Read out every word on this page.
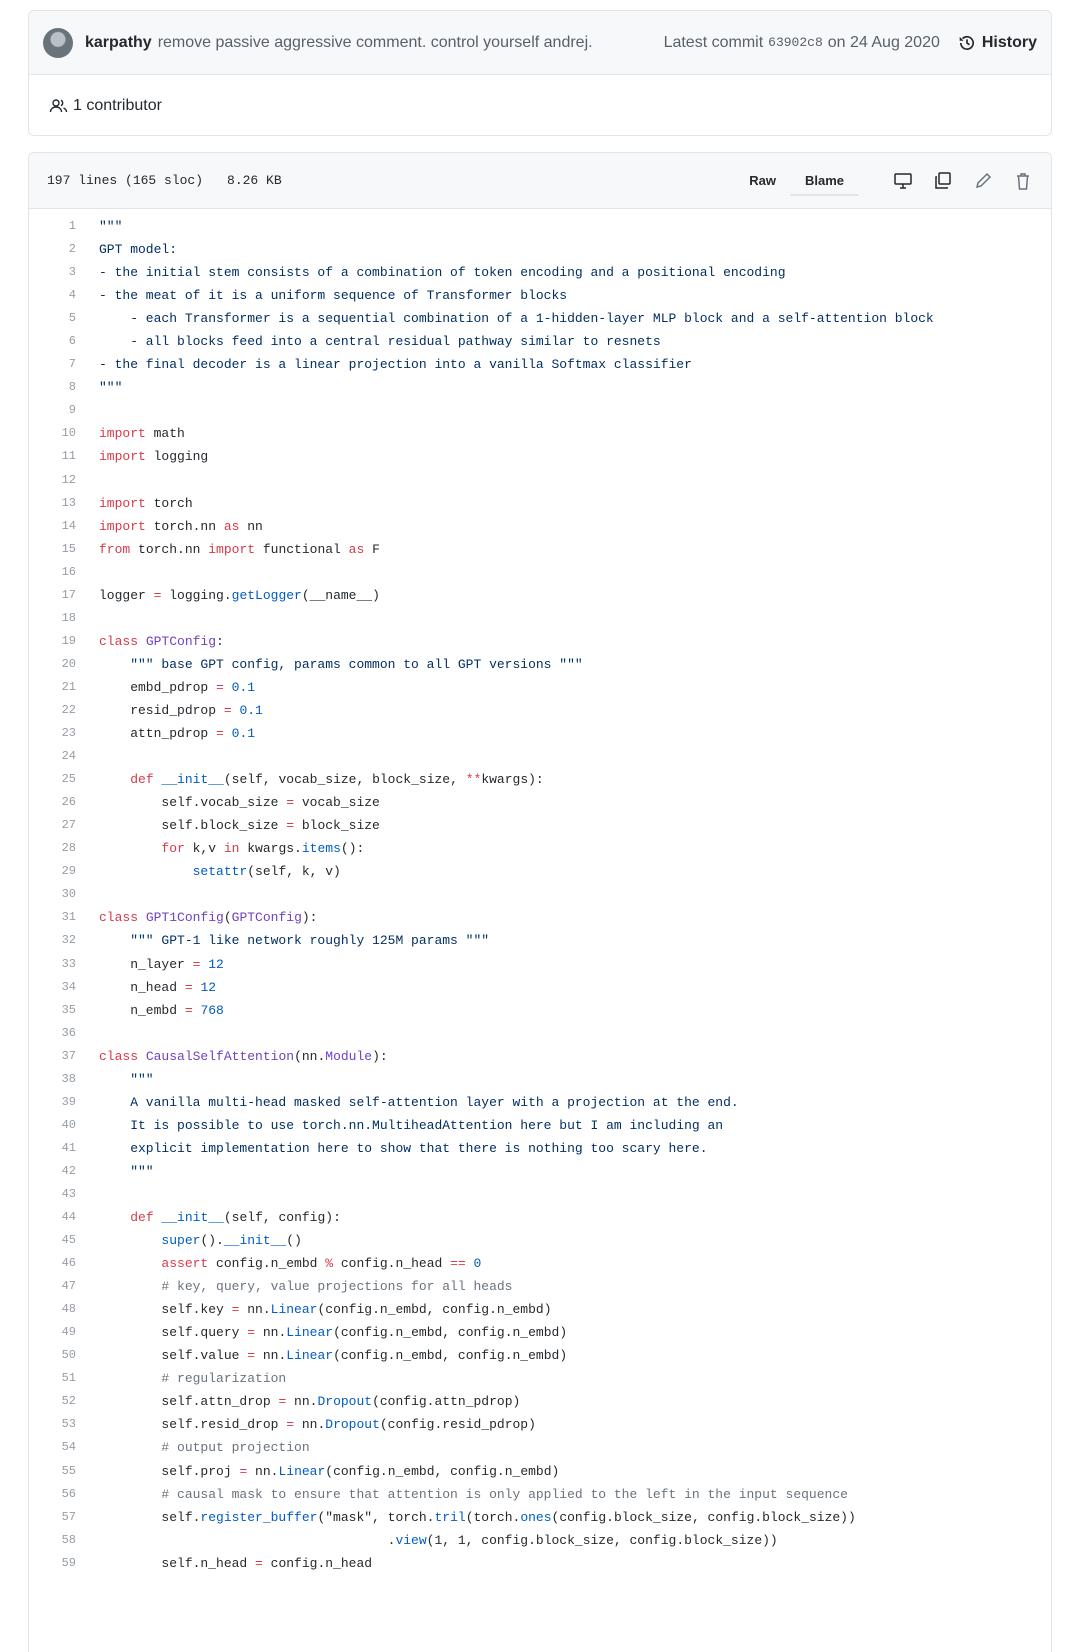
karpathy remove passive aggressive comment. control yourself andrej.	Latest commit 63902c8 on 24 Aug 2020	History
1 contributor
197 lines (165 sloc) 8.26 KB	Raw	Blame
1	"""
2	GPT model:
3	- the initial stem consists of a combination of token encoding and a positional encoding
4	- the meat of it is a uniform sequence of Transformer blocks
5	- each Transformer is a sequential combination of a 1-hidden-layer MLP block and a self-attention block
6	- all blocks feed into a central residual pathway similar to resnets
7	- the final decoder is a linear projection into a vanilla Softmax classifier
8	"""
9
10	import math
11	import logging
12
13	import torch
14	import torch.nn as nn
15	from torch.nn import functional as F
16
17	logger = logging.getLogger(__name__)
18
19	class GPTConfig:
20	""" base GPT config, params common to all GPT versions """
21	embd_pdrop = 0.1
22	resid_pdrop = 0.1
23	attn_pdrop = 0.1
24
25	def __init__(self, vocab_size, block_size, **kwargs):
26	self.vocab_size = vocab_size
27	self.block_size = block_size
28	for k,v in kwargs.items():
29	setattr(self, k, v)
30
31	class GPT1Config(GPTConfig):
32	""" GPT-1 like network roughly 125M params """
33	n_layer = 12
34	n_head = 12
35	n_embd = 768
36
37	class CausalSelfAttention(nn.Module):
38	"""
39	A vanilla multi-head masked self-attention layer with a projection at the end.
40	It is possible to use torch.nn.MultiheadAttention here but I am including an
41	explicit implementation here to show that there is nothing too scary here.
42	"""
43
44	def __init__(self, config):
45	super().__init__()
46	assert config.n_embd % config.n_head == 0
47	# key, query, value projections for all heads
48	self.key = nn.Linear(config.n_embd, config.n_embd)
49	self.query = nn.Linear(config.n_embd, config.n_embd)
50	self.value = nn.Linear(config.n_embd, config.n_embd)
51	# regularization
52	self.attn_drop = nn.Dropout(config.attn_pdrop)
53	self.resid_drop = nn.Dropout(config.resid_pdrop)
54	# output projection
55	self.proj = nn.Linear(config.n_embd, config.n_embd)
56	# causal mask to ensure that attention is only applied to the left in the input sequence
57	self.register_buffer("mask", torch.tril(torch.ones(config.block_size, config.block_size))
58	.view(1, 1, config.block_size, config.block_size))
59	self.n_head = config.n_head
